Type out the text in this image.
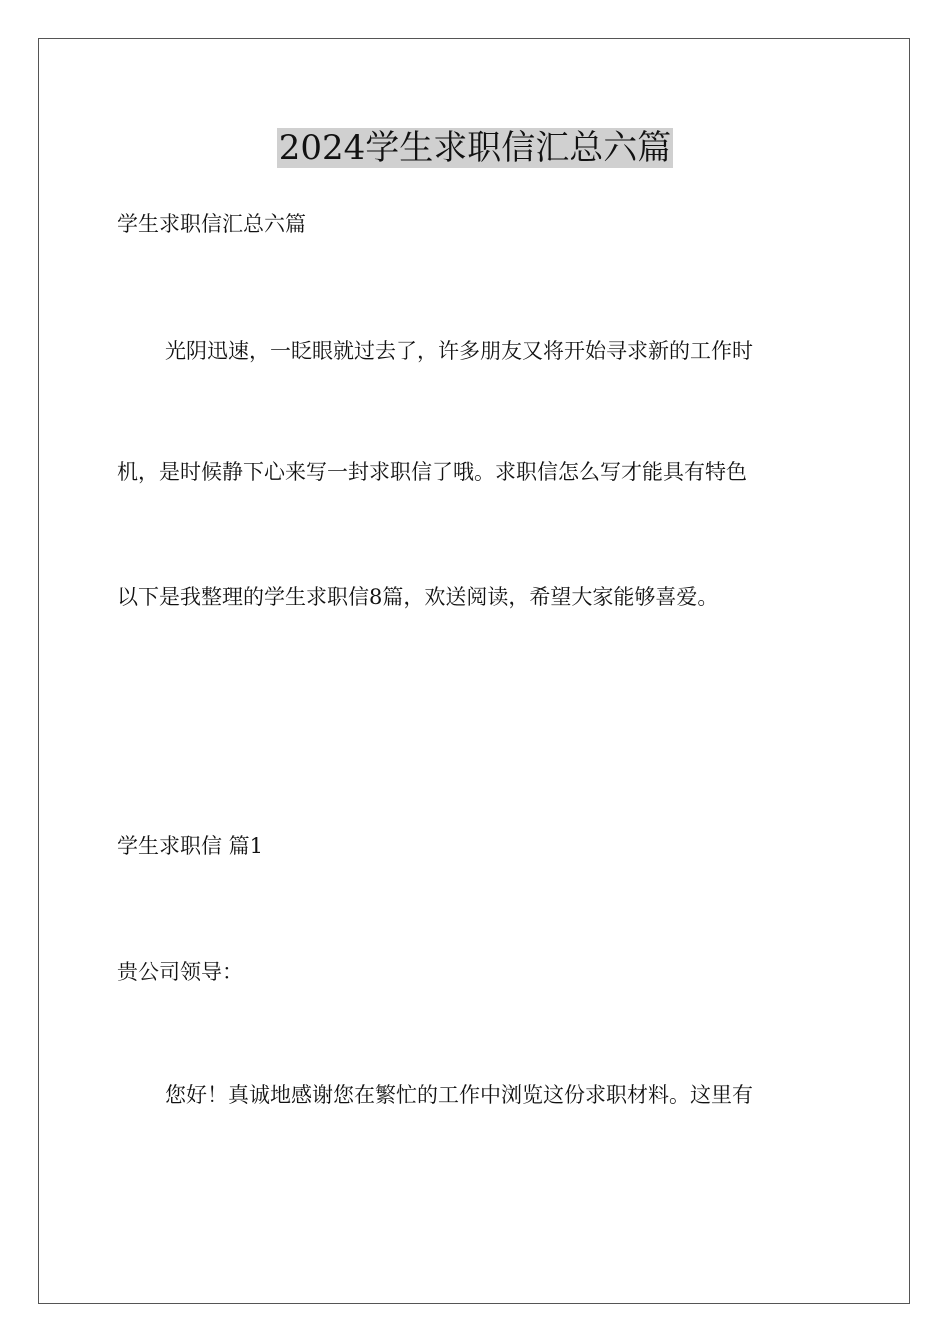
2024学生求职信汇总六篇

学生求职信汇总六篇

光阴迅速，一眨眼就过去了，许多朋友又将开始寻求新的工作时

机，是时候静下心来写一封求职信了哦。求职信怎么写才能具有特色

以下是我整理的学生求职信8篇，欢送阅读，希望大家能够喜爱。

学生求职信 篇1

贵公司领导：

您好！真诚地感谢您在繁忙的工作中浏览这份求职材料。这里有
